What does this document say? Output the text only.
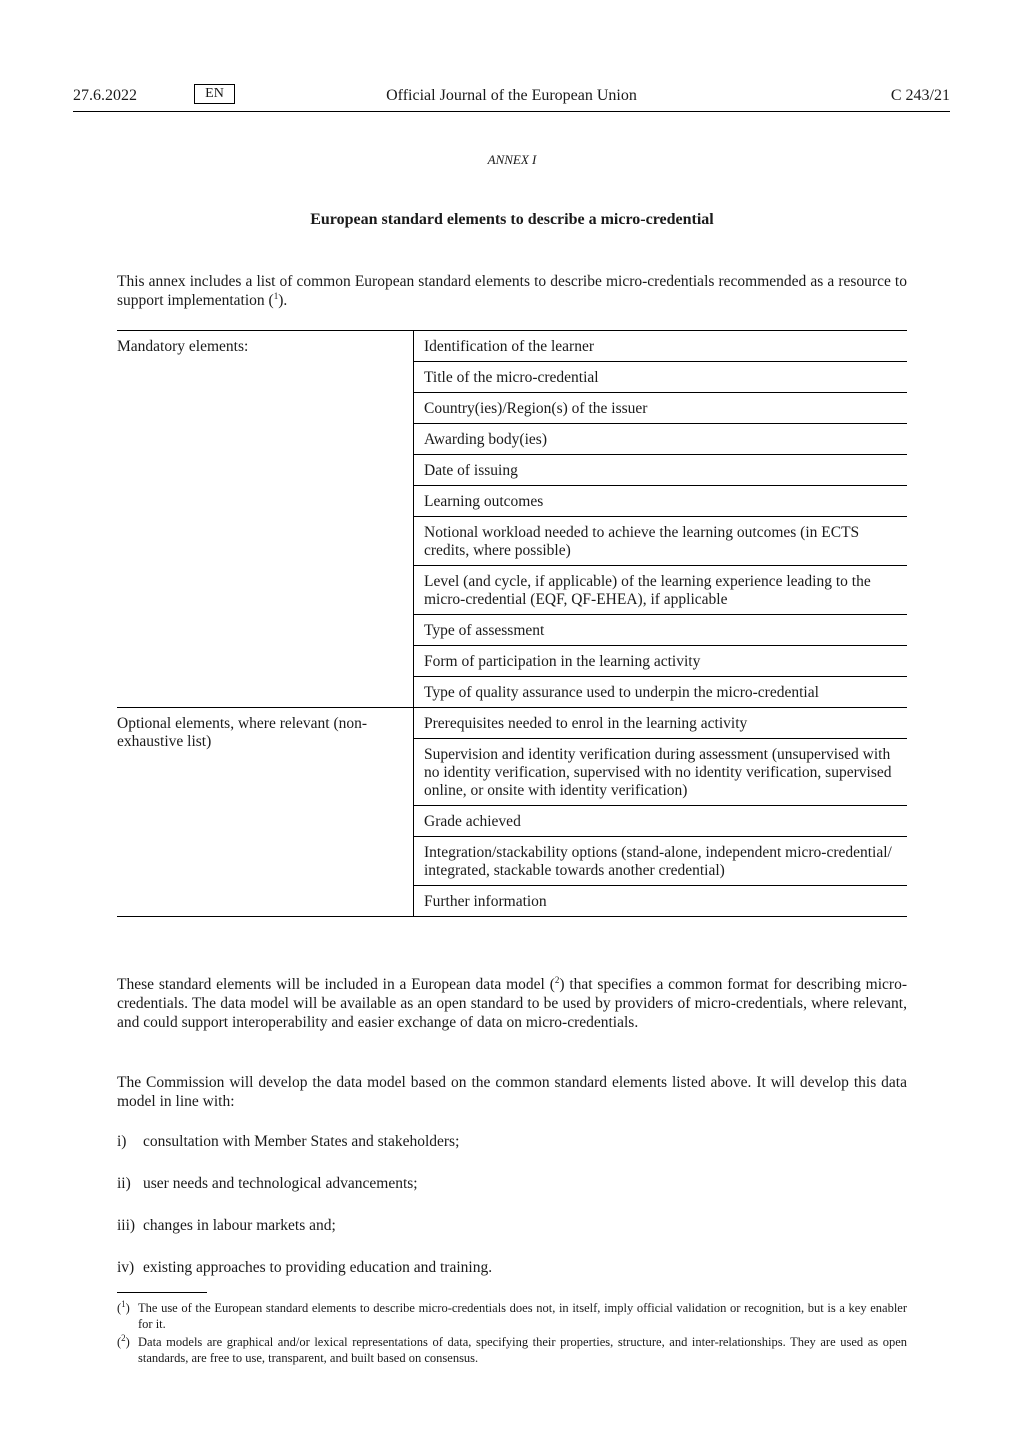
27.6.2022	EN	Official Journal of the European Union	C 243/21
ANNEX I
European standard elements to describe a micro-credential

This annex includes a list of common European standard elements to describe micro-credentials recommended as a resource to support implementation ($^1$).

Mandatory elements:	Identification of the learner
	Title of the micro-credential
	Country(ies)/Region(s) of the issuer
	Awarding body(ies)
	Date of issuing
	Learning outcomes
	Notional workload needed to achieve the learning outcomes (in ECTS credits, where possible)
	Level (and cycle, if applicable) of the learning experience leading to the micro-credential (EQF, QF-EHEA), if applicable
	Type of assessment
	Form of participation in the learning activity
	Type of quality assurance used to underpin the micro-credential

Optional elements, where relevant (non-exhaustive list)	Prerequisites needed to enrol in the learning activity
	Supervision and identity verification during assessment (unsupervised with no identity verification, supervised with no identity verification, supervised online, or onsite with identity verification)
	Grade achieved
	Integration/stackability options (stand-alone, independent micro-credential/ integrated, stackable towards another credential)
	Further information

These standard elements will be included in a European data model ($^2$) that specifies a common format for describing micro-credentials. The data model will be available as an open standard to be used by providers of micro-credentials, where relevant, and could support interoperability and easier exchange of data on micro-credentials.

The Commission will develop the data model based on the common standard elements listed above. It will develop this data model in line with:

i) consultation with Member States and stakeholders;
ii) user needs and technological advancements;
iii) changes in labour markets and;
iv) existing approaches to providing education and training.
($^1$) The use of the European standard elements to describe micro-credentials does not, in itself, imply official validation or recognition, but is a key enabler for it.
($^2$) Data models are graphical and/or lexical representations of data, specifying their properties, structure, and inter-relationships. They are used as open standards, are free to use, transparent, and built based on consensus.
